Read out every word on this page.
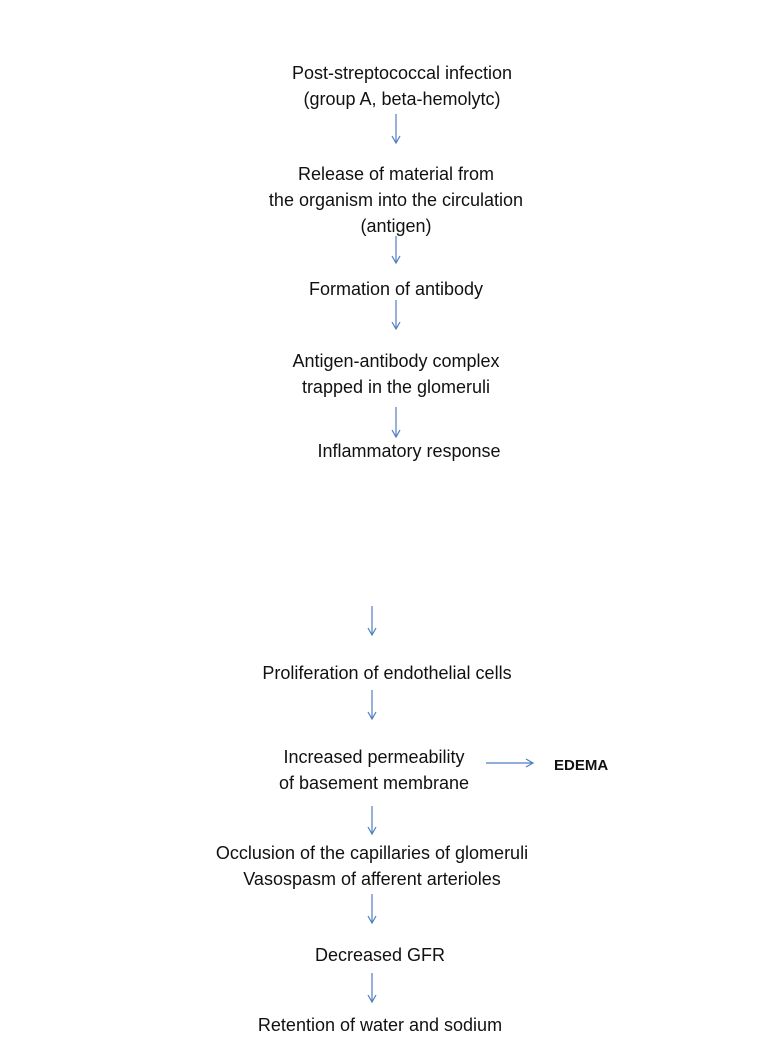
Post-streptococcal infection
(group A, beta-hemolytc)
Release of material from
the organism into the circulation
(antigen)
Formation of antibody
Antigen-antibody complex
trapped in the glomeruli
Inflammatory response
Proliferation of endothelial cells
Increased permeability
of basement membrane
EDEMA
Occlusion of the capillaries of glomeruli
Vasospasm of afferent arterioles
Decreased GFR
Retention of water and sodium
